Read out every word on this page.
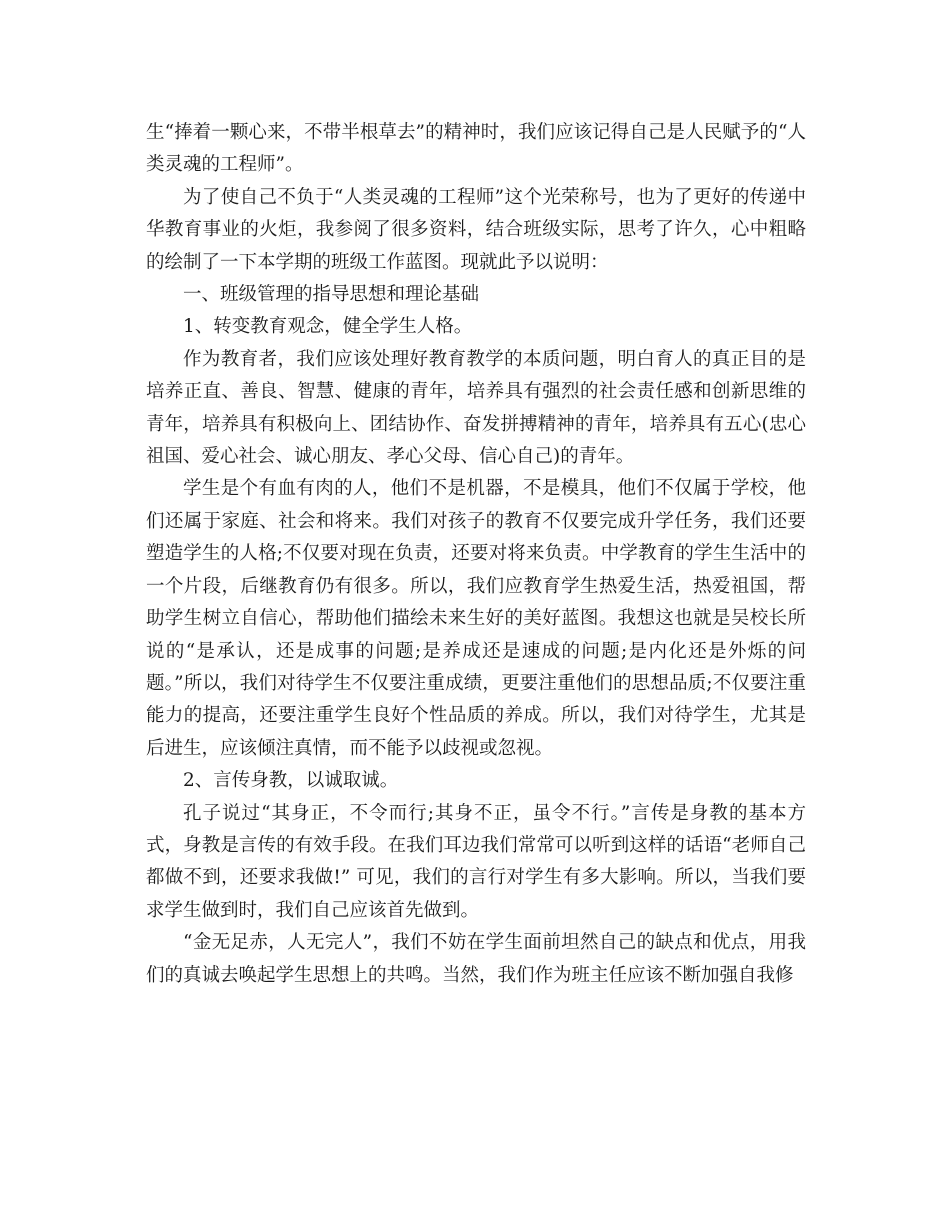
生“捧着一颗心来，不带半根草去”的精神时，我们应该记得自己是人民赋予的“人类灵魂的工程师”。

为了使自己不负于“人类灵魂的工程师”这个光荣称号，也为了更好的传递中华教育事业的火炬，我参阅了很多资料，结合班级实际，思考了许久，心中粗略的绘制了一下本学期的班级工作蓝图。现就此予以说明：

一、班级管理的指导思想和理论基础

1、转变教育观念，健全学生人格。

作为教育者，我们应该处理好教育教学的本质问题，明白育人的真正目的是培养正直、善良、智慧、健康的青年，培养具有强烈的社会责任感和创新思维的青年，培养具有积极向上、团结协作、奋发拼搏精神的青年，培养具有五心(忠心祖国、爱心社会、诚心朋友、孝心父母、信心自己)的青年。

学生是个有血有肉的人，他们不是机器，不是模具，他们不仅属于学校，他们还属于家庭、社会和将来。我们对孩子的教育不仅要完成升学任务，我们还要塑造学生的人格;不仅要对现在负责，还要对将来负责。中学教育的学生生活中的一个片段，后继教育仍有很多。所以，我们应教育学生热爱生活，热爱祖国，帮助学生树立自信心，帮助他们描绘未来生好的美好蓝图。我想这也就是吴校长所说的“是承认，还是成事的问题;是养成还是速成的问题;是内化还是外烁的问题。”所以，我们对待学生不仅要注重成绩，更要注重他们的思想品质;不仅要注重能力的提高，还要注重学生良好个性品质的养成。所以，我们对待学生，尤其是后进生，应该倾注真情，而不能予以歧视或忽视。

2、言传身教，以诚取诚。

孔子说过“其身正，不令而行;其身不正，虽令不行。”言传是身教的基本方式，身教是言传的有效手段。在我们耳边我们常常可以听到这样的话语“老师自己都做不到，还要求我做!” 可见，我们的言行对学生有多大影响。所以，当我们要求学生做到时，我们自己应该首先做到。

“金无足赤，人无完人”，我们不妨在学生面前坦然自己的缺点和优点，用我们的真诚去唤起学生思想上的共鸣。当然，我们作为班主任应该不断加强自我修
